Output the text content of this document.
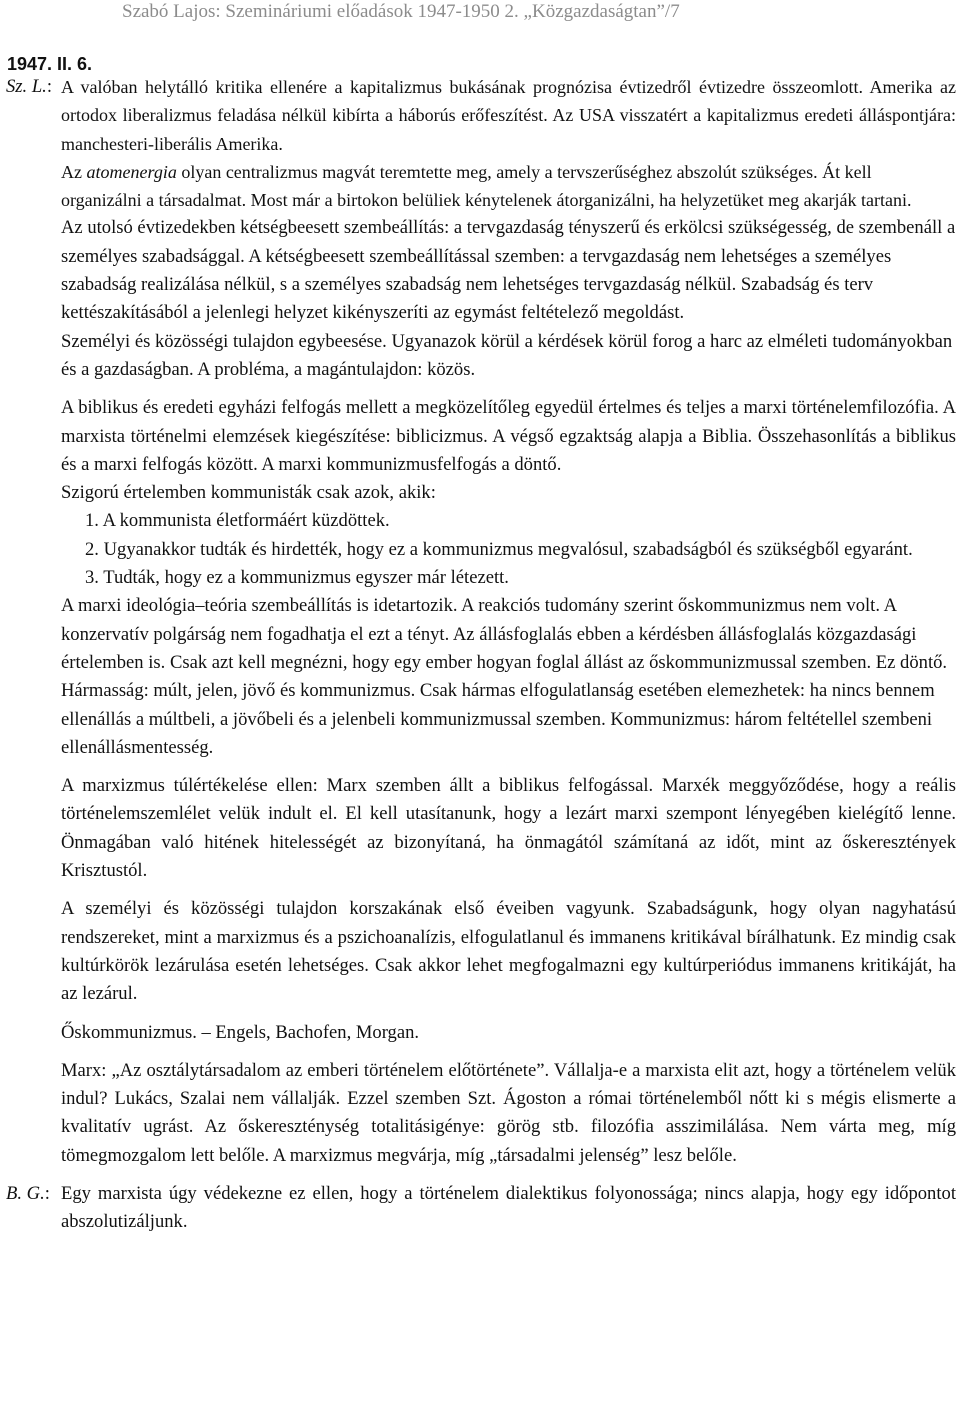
Szabó Lajos: Szemináriumi előadások 1947-1950 2. „Közgazdaságtan”/7
1947. II. 6.
Sz. L.: A valóban helytálló kritika ellenére a kapitalizmus bukásának prognózisa évtizedről évtizedre összeomlott. Amerika az ortodox liberalizmus feladása nélkül kibírta a háborús erőfeszítést. Az USA visszatért a kapitalizmus eredeti álláspontjára: manchesteri-liberális Amerika.

Az atomenergia olyan centralizmus magvát teremtette meg, amely a tervszerűséghez abszolút szükséges. Át kell organizálni a társadalmat. Most már a birtokon belüliek kénytelenek átorganizálni, ha helyzetüket meg akarják tartani.

Az utolsó évtizedekben kétségbeesett szembeállítás: a tervgazdaság tényszerű és erkölcsi szükségesség, de szembenáll a személyes szabadsággal. A kétségbeesett szembeállítással szemben: a tervgazdaság nem lehetséges a személyes szabadság realizálása nélkül, s a személyes szabadság nem lehetséges tervgazdaság nélkül. Szabadság és terv kettészakításából a jelenlegi helyzet kikényszeríti az egymást feltételező megoldást.

Személyi és közösségi tulajdon egybeesése. Ugyanazok körül a kérdések körül forog a harc az elméleti tudományokban és a gazdaságban. A probléma, a magántulajdon: közös.

A biblikus és eredeti egyházi felfogás mellett a megközelítőleg egyedül értelmes és teljes a marxi történelemfilozófia. A marxista történelmi elemzések kiegészítése: biblicizmus. A végső egzaktság alapja a Biblia. Összehasonlítás a biblikus és a marxi felfogás között. A marxi kommunizmusfelfogás a döntő.

Szigorú értelemben kommunisták csak azok, akik:

1. A kommunista életformáért küzdöttek.

2. Ugyanakkor tudták és hirdették, hogy ez a kommunizmus megvalósul, szabadságból és szükségből egyaránt.

3. Tudták, hogy ez a kommunizmus egyszer már létezett.

A marxi ideológia–teória szembeállítás is idetartozik. A reakciós tudomány szerint őskommunizmus nem volt. A konzervatív polgárság nem fogadhatja el ezt a tényt. Az állásfoglalás ebben a kérdésben állásfoglalás közgazdasági értelemben is. Csak azt kell megnézni, hogy egy ember hogyan foglal állást az őskommunizmussal szemben. Ez döntő. Hármasság: múlt, jelen, jövő és kommunizmus. Csak hármas elfogulatlanság esetében elemezhetek: ha nincs bennem ellenállás a múltbeli, a jövőbeli és a jelenbeli kommunizmussal szemben. Kommunizmus: három feltétellel szembeni ellenállásmentesség.

A marxizmus túlértékelése ellen: Marx szemben állt a biblikus felfogással. Marxék meggyőződése, hogy a reális történelemszemlélet velük indult el. El kell utasítanunk, hogy a lezárt marxi szempont lényegében kielégítő lenne. Önmagában való hitének hitelességét az bizonyítaná, ha önmagától számítaná az időt, mint az őskeresztények Krisztustól.

A személyi és közösségi tulajdon korszakának első éveiben vagyunk. Szabadságunk, hogy olyan nagyhatású rendszereket, mint a marxizmus és a pszichoanalízis, elfogulatlanul és immanens kritikával bírálhatunk. Ez mindig csak kultúrkörök lezárulása esetén lehetséges. Csak akkor lehet megfogalmazni egy kultúrperiódus immanens kritikáját, ha az lezárul.

Őskommunizmus. – Engels, Bachofen, Morgan.

Marx: „Az osztálytársadalom az emberi történelem előtörténete”. Vállalja-e a marxista elit azt, hogy a történelem velük indul? Lukács, Szalai nem vállalják. Ezzel szemben Szt. Ágoston a római történelemből nőtt ki s mégis elismerte a kvalitatív ugrást. Az őskereszténység totalitásigénye: görög stb. filozófia asszimilálása. Nem várta meg, míg tömegmozgalom lett belőle. A marxizmus megvárja, míg „társadalmi jelenség” lesz belőle.

B. G.: Egy marxista úgy védekezne ez ellen, hogy a történelem dialektikus folyonossága; nincs alapja, hogy egy időpontot abszolutizáljunk.
